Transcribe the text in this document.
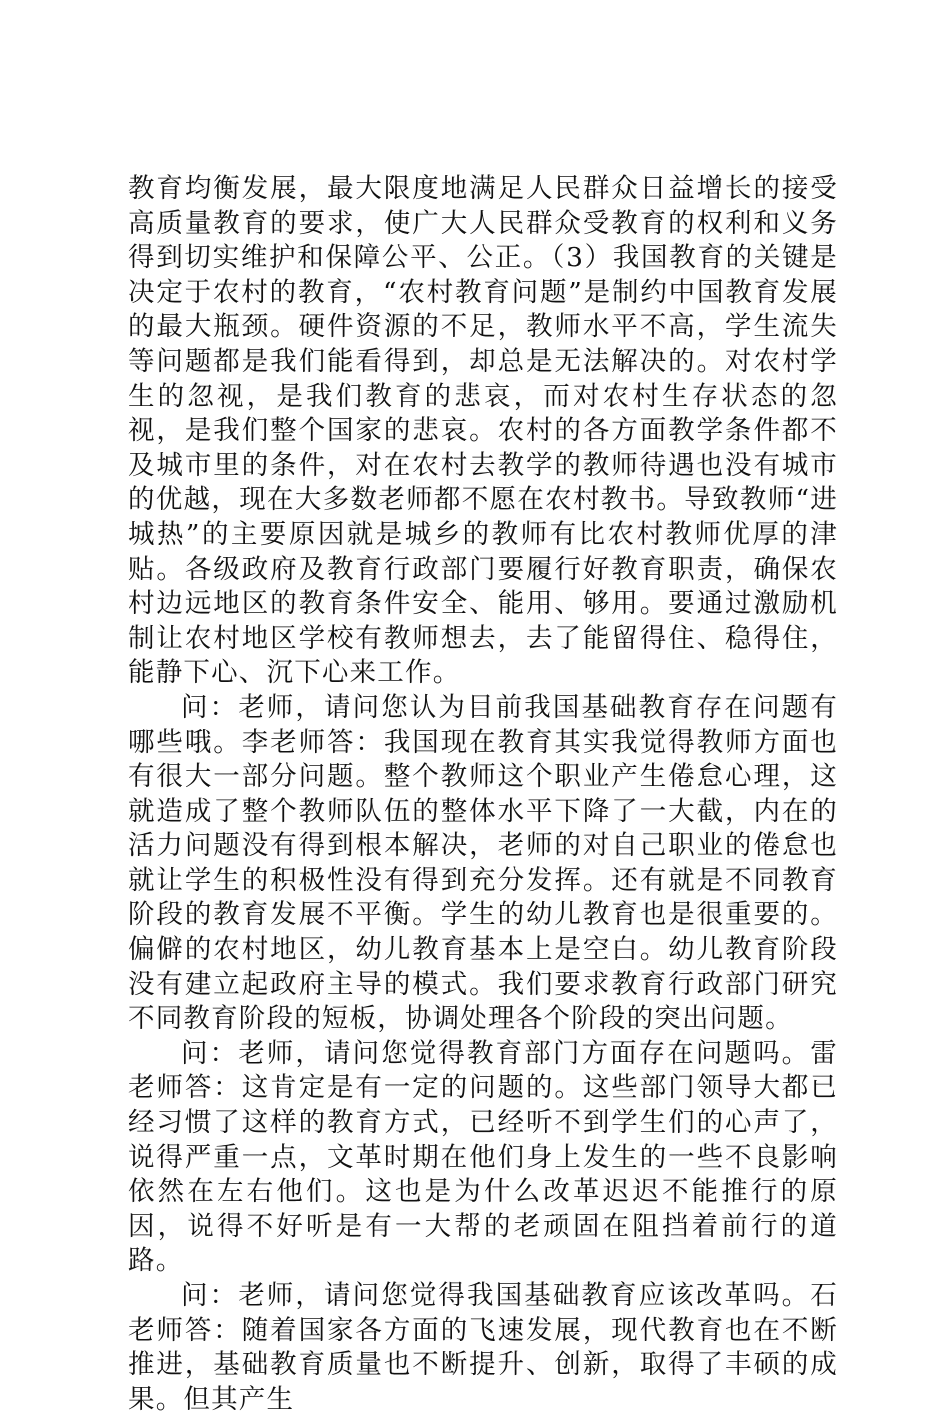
教育均衡发展，最大限度地满足人民群众日益增长的接受高质量教育的要求，使广大人民群众受教育的权利和义务得到切实维护和保障公平、公正。（3）我国教育的关键是决定于农村的教育，“农村教育问题”是制约中国教育发展的最大瓶颈。硬件资源的不足，教师水平不高，学生流失等问题都是我们能看得到，却总是无法解决的。对农村学生的忽视，是我们教育的悲哀，而对农村生存状态的忽视，是我们整个国家的悲哀。农村的各方面教学条件都不及城市里的条件，对在农村去教学的教师待遇也没有城市的优越，现在大多数老师都不愿在农村教书。导致教师“进城热”的主要原因就是城乡的教师有比农村教师优厚的津贴。各级政府及教育行政部门要履行好教育职责，确保农村边远地区的教育条件安全、能用、够用。要通过激励机制让农村地区学校有教师想去，去了能留得住、稳得住，能静下心、沉下心来工作。

问：老师，请问您认为目前我国基础教育存在问题有哪些哦。李老师答：我国现在教育其实我觉得教师方面也有很大一部分问题。整个教师这个职业产生倦怠心理，这就造成了整个教师队伍的整体水平下降了一大截，内在的活力问题没有得到根本解决，老师的对自己职业的倦怠也就让学生的积极性没有得到充分发挥。还有就是不同教育阶段的教育发展不平衡。学生的幼儿教育也是很重要的。偏僻的农村地区，幼儿教育基本上是空白。幼儿教育阶段没有建立起政府主导的模式。我们要求教育行政部门研究不同教育阶段的短板，协调处理各个阶段的突出问题。

问：老师，请问您觉得教育部门方面存在问题吗。雷老师答：这肯定是有一定的问题的。这些部门领导大都已经习惯了这样的教育方式，已经听不到学生们的心声了，说得严重一点，文革时期在他们身上发生的一些不良影响依然在左右他们。这也是为什么改革迟迟不能推行的原因，说得不好听是有一大帮的老顽固在阻挡着前行的道路。

问：老师，请问您觉得我国基础教育应该改革吗。石老师答：随着国家各方面的飞速发展，现代教育也在不断推进，基础教育质量也不断提升、创新，取得了丰硕的成果。但其产生
